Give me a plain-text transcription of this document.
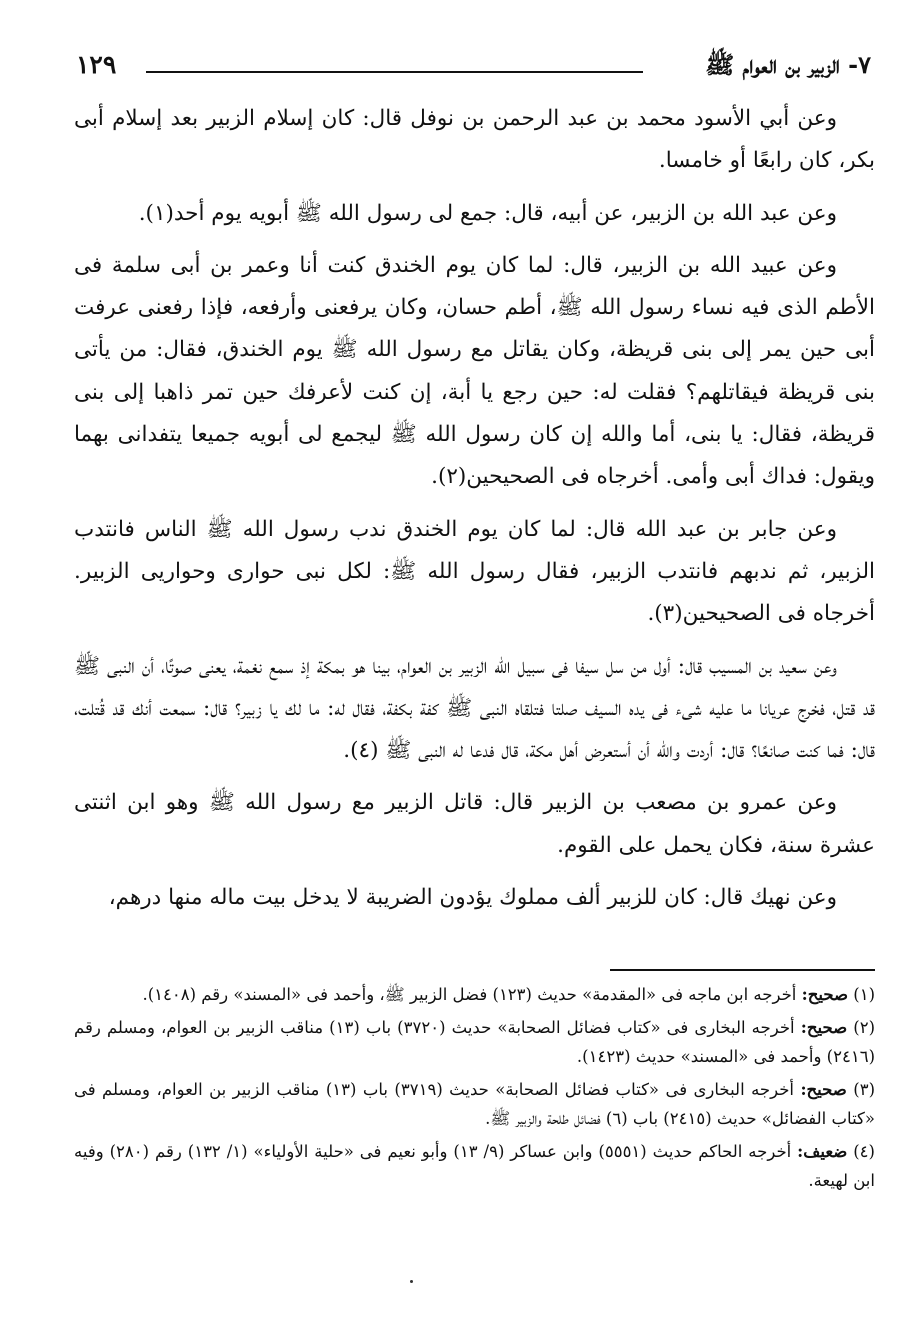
٧- الزبير بن العوام ﷺ
١٢٩

وعن أبي الأسود محمد بن عبد الرحمن بن نوفل قال: كان إسلام الزبير بعد إسلام أبى بكر، كان رابعًا أو خامسا.

وعن عبد الله بن الزبير، عن أبيه، قال: جمع لى رسول الله ﷺ أبويه يوم أحد(١).

وعن عبيد الله بن الزبير، قال: لما كان يوم الخندق كنت أنا وعمر بن أبى سلمة فى الأطم الذى فيه نساء رسول الله ﷺ، أطم حسان، وكان يرفعنى وأرفعه، فإذا رفعنى عرفت أبى حين يمر إلى بنى قريظة، وكان يقاتل مع رسول الله ﷺ يوم الخندق، فقال: من يأتى بنى قريظة فيقاتلهم؟ فقلت له: حين رجع يا أبة، إن كنت لأعرفك حين تمر ذاهبا إلى بنى قريظة، فقال: يا بنى، أما والله إن كان رسول الله ﷺ ليجمع لى أبويه جميعا يتفدانى بهما ويقول: فداك أبى وأمى. أخرجاه فى الصحيحين(٢).

وعن جابر بن عبد الله قال: لما كان يوم الخندق ندب رسول الله ﷺ الناس فانتدب الزبير، ثم ندبهم فانتدب الزبير، فقال رسول الله ﷺ: لكل نبى حوارى وحواريى الزبير. أخرجاه فى الصحيحين(٣).

وعن سعيد بن المسيب قال: أول من سل سيفا فى سبيل الله الزبير بن العوام، بينا هو بمكة إذ سمع نغمة، يعنى صوتًا، أن النبى ﷺ قد قتل، فخرج عريانا ما عليه شىء فى يده السيف صلتا فتلقاه النبى ﷺ كفة بكفة، فقال له: ما لك يا زبير؟ قال: سمعت أنك قد قُتلت، قال: فما كنت صانعًا؟ قال: أردت والله أن أستعرض أهل مكة، قال فدعا له النبى ﷺ (٤).

وعن عمرو بن مصعب بن الزبير قال: قاتل الزبير مع رسول الله ﷺ وهو ابن اثنتى عشرة سنة، فكان يحمل على القوم.

وعن نهيك قال: كان للزبير ألف مملوك يؤدون الضريبة لا يدخل بيت ماله منها درهم،

(١) صحيح: أخرجه ابن ماجه فى «المقدمة» حديث (١٢٣) فضل الزبير ﷺ، وأحمد فى «المسند» رقم (١٤٠٨).

(٢) صحيح: أخرجه البخارى فى «كتاب فضائل الصحابة» حديث (٣٧٢٠) باب (١٣) مناقب الزبير بن العوام، ومسلم رقم (٢٤١٦) وأحمد فى «المسند» حديث (١٤٢٣).

(٣) صحيح: أخرجه البخارى فى «كتاب فضائل الصحابة» حديث (٣٧١٩) باب (١٣) مناقب الزبير بن العوام، ومسلم فى «كتاب الفضائل» حديث (٢٤١٥) باب (٦) فضائل طلحة والزبير ﷺ.

(٤) ضعيف: أخرجه الحاكم حديث (٥٥٥١) وابن عساكر (٩/ ١٣) وأبو نعيم فى «حلية الأولياء» (١/ ١٣٢) رقم (٢٨٠) وفيه ابن لهيعة.
